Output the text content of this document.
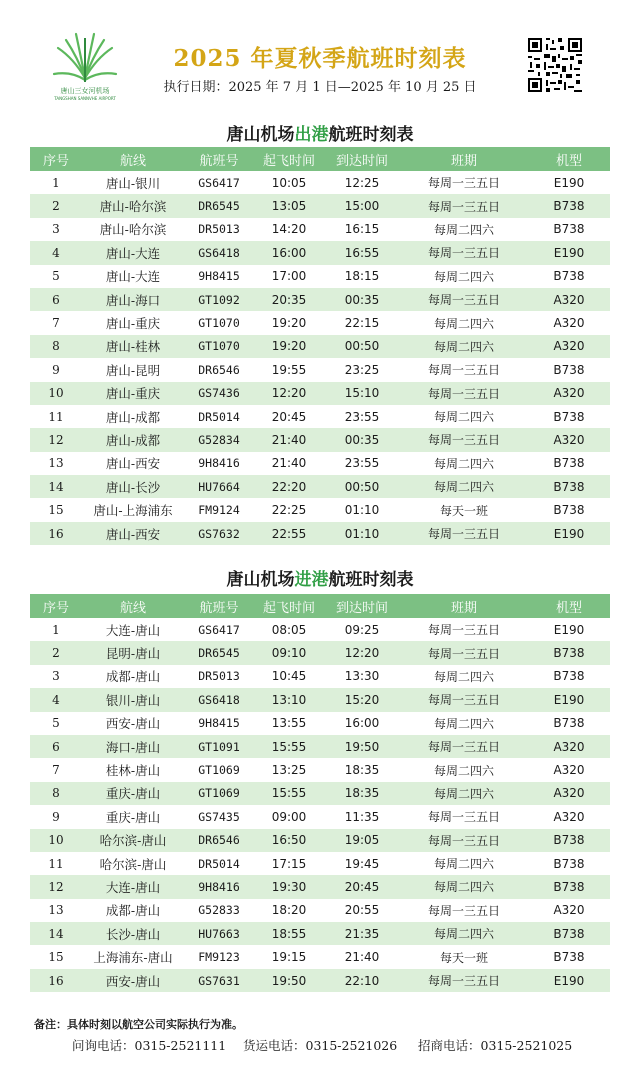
唐山三女河机场
TANGSHAN SANNVHE AIRPORT
2025 年夏秋季航班时刻表
执行日期：2025 年 7 月 1 日—2025 年 10 月 25 日
唐山机场出港航班时刻表
序号	航线	航班号	起飞时间	到达时间	班期	机型
1	唐山-银川	GS6417	10:05	12:25	每周一三五日	E190
2	唐山-哈尔滨	DR6545	13:05	15:00	每周一三五日	B738
3	唐山-哈尔滨	DR5013	14:20	16:15	每周二四六	B738
4	唐山-大连	GS6418	16:00	16:55	每周一三五日	E190
5	唐山-大连	9H8415	17:00	18:15	每周二四六	B738
6	唐山-海口	GT1092	20:35	00:35	每周一三五日	A320
7	唐山-重庆	GT1070	19:20	22:15	每周二四六	A320
8	唐山-桂林	GT1070	19:20	00:50	每周二四六	A320
9	唐山-昆明	DR6546	19:55	23:25	每周一三五日	B738
10	唐山-重庆	GS7436	12:20	15:10	每周一三五日	A320
11	唐山-成都	DR5014	20:45	23:55	每周二四六	B738
12	唐山-成都	G52834	21:40	00:35	每周一三五日	A320
13	唐山-西安	9H8416	21:40	23:55	每周二四六	B738
14	唐山-长沙	HU7664	22:20	00:50	每周二四六	B738
15	唐山-上海浦东	FM9124	22:25	01:10	每天一班	B738
16	唐山-西安	GS7632	22:55	01:10	每周一三五日	E190
唐山机场进港航班时刻表
序号	航线	航班号	起飞时间	到达时间	班期	机型
1	大连-唐山	GS6417	08:05	09:25	每周一三五日	E190
2	昆明-唐山	DR6545	09:10	12:20	每周一三五日	B738
3	成都-唐山	DR5013	10:45	13:30	每周二四六	B738
4	银川-唐山	GS6418	13:10	15:20	每周一三五日	E190
5	西安-唐山	9H8415	13:55	16:00	每周二四六	B738
6	海口-唐山	GT1091	15:55	19:50	每周一三五日	A320
7	桂林-唐山	GT1069	13:25	18:35	每周二四六	A320
8	重庆-唐山	GT1069	15:55	18:35	每周二四六	A320
9	重庆-唐山	GS7435	09:00	11:35	每周一三五日	A320
10	哈尔滨-唐山	DR6546	16:50	19:05	每周一三五日	B738
11	哈尔滨-唐山	DR5014	17:15	19:45	每周二四六	B738
12	大连-唐山	9H8416	19:30	20:45	每周二四六	B738
13	成都-唐山	G52833	18:20	20:55	每周一三五日	A320
14	长沙-唐山	HU7663	18:55	21:35	每周二四六	B738
15	上海浦东-唐山	FM9123	19:15	21:40	每天一班	B738
16	西安-唐山	GS7631	19:50	22:10	每周一三五日	E190
备注：具体时刻以航空公司实际执行为准。
问询电话：0315-2521111 货运电话：0315-2521026 招商电话：0315-2521025
